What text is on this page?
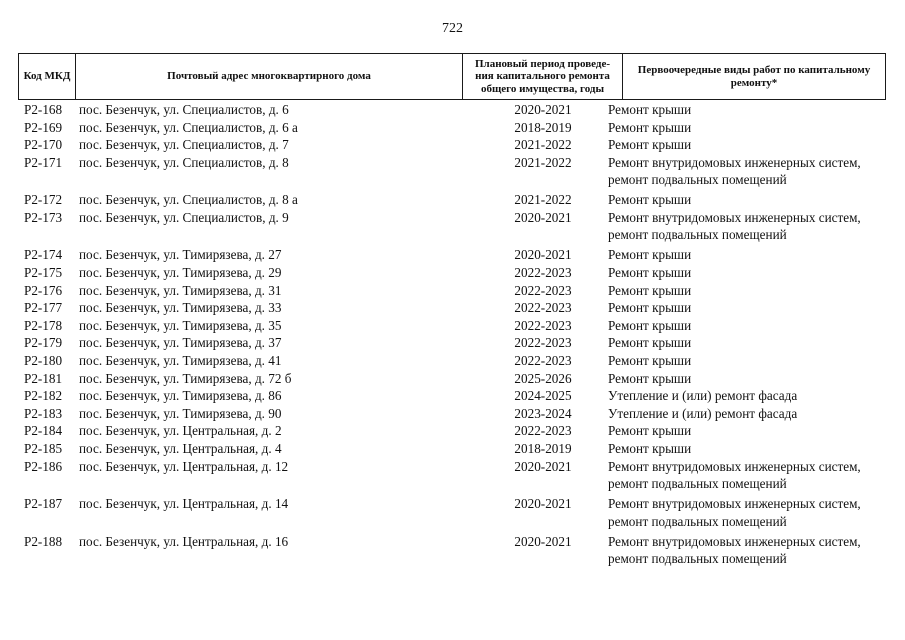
722
Код МКД	Почтовый адрес многоквартирного дома
Плановый период проведе-ния капитального ремонта общего имущества, годы
Первоочередные виды работ по капитальному ремонту*
P2-168 пос. Безенчук, ул. Специалистов, д. 6	2020-2021	Ремонт крыши
P2-169 пос. Безенчук, ул. Специалистов, д. 6 а	2018-2019	Ремонт крыши
P2-170 пос. Безенчук, ул. Специалистов, д. 7	2021-2022	Ремонт крыши
P2-171 пос. Безенчук, ул. Специалистов, д. 8	2021-2022	Ремонт внутридомовых инженерных систем,
ремонт подвальных помещений
P2-172 пос. Безенчук, ул. Специалистов, д. 8 а	2021-2022	Ремонт крыши
P2-173 пос. Безенчук, ул. Специалистов, д. 9	2020-2021	Ремонт внутридомовых инженерных систем,
ремонт подвальных помещений
P2-174 пос. Безенчук, ул. Тимирязева, д. 27	2020-2021	Ремонт крыши
P2-175 пос. Безенчук, ул. Тимирязева, д. 29	2022-2023	Ремонт крыши
P2-176 пос. Безенчук, ул. Тимирязева, д. 31	2022-2023	Ремонт крыши
P2-177 пос. Безенчук, ул. Тимирязева, д. 33	2022-2023	Ремонт крыши
P2-178 пос. Безенчук, ул. Тимирязева, д. 35	2022-2023	Ремонт крыши
P2-179 пос. Безенчук, ул. Тимирязева, д. 37	2022-2023	Ремонт крыши
P2-180 пос. Безенчук, ул. Тимирязева, д. 41	2022-2023	Ремонт крыши
P2-181 пос. Безенчук, ул. Тимирязева, д. 72 б	2025-2026	Ремонт крыши
P2-182 пос. Безенчук, ул. Тимирязева, д. 86	2024-2025	Утепление и (или) ремонт фасада
P2-183 пос. Безенчук, ул. Тимирязева, д. 90	2023-2024	Утепление и (или) ремонт фасада
P2-184 пос. Безенчук, ул. Центральная, д. 2	2022-2023	Ремонт крыши
P2-185 пос. Безенчук, ул. Центральная, д. 4	2018-2019	Ремонт крыши
P2-186 пос. Безенчук, ул. Центральная, д. 12	2020-2021	Ремонт внутридомовых инженерных систем,
ремонт подвальных помещений
P2-187 пос. Безенчук, ул. Центральная, д. 14	2020-2021	Ремонт внутридомовых инженерных систем,
ремонт подвальных помещений
P2-188 пос. Безенчук, ул. Центральная, д. 16	2020-2021	Ремонт внутридомовых инженерных систем,
ремонт подвальных помещений
